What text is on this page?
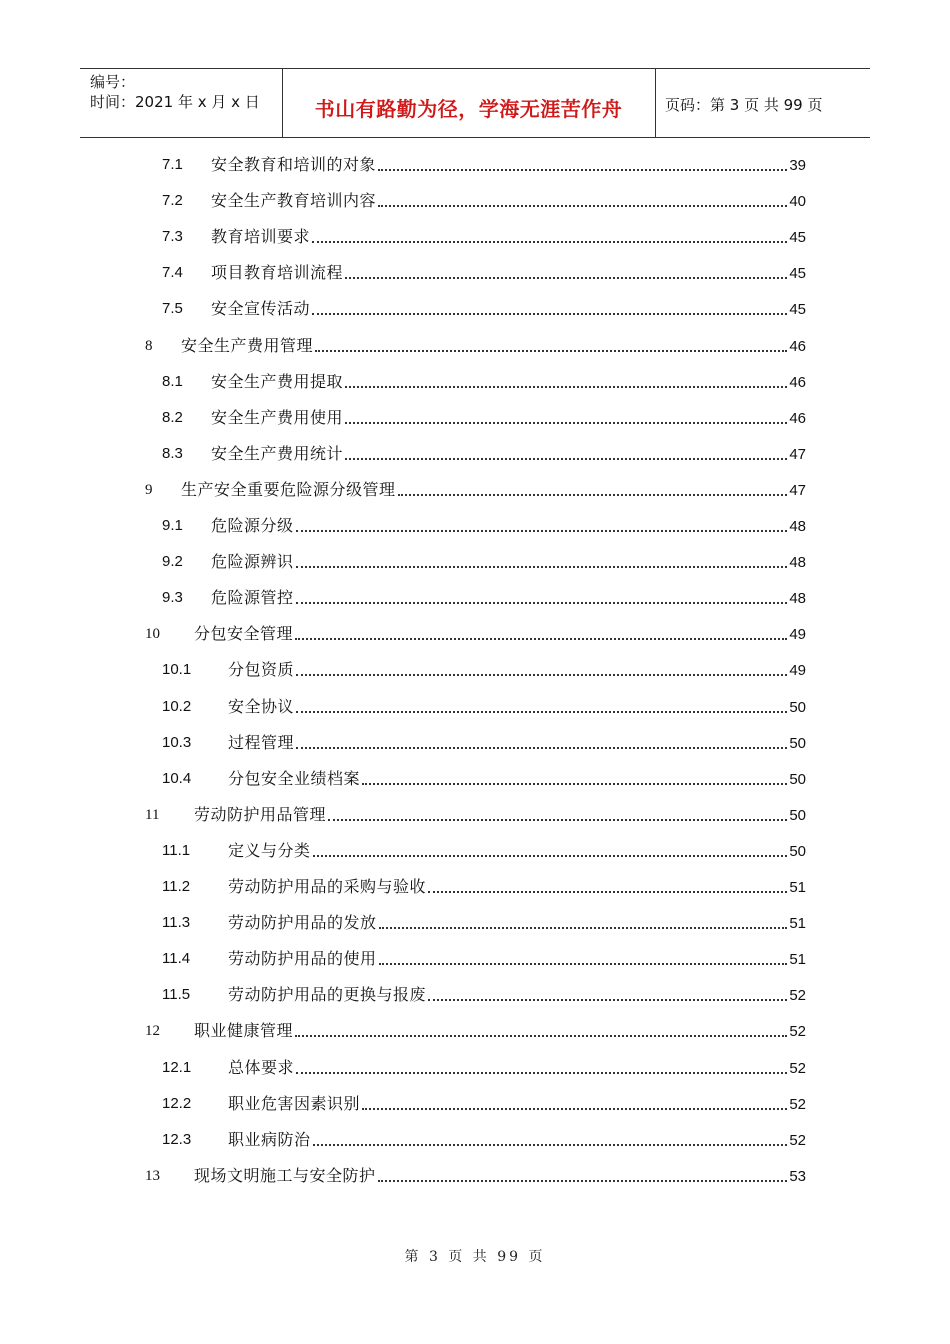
编号：
时间：2021 年 x 月 x 日	书山有路勤为径，学海无涯苦作舟	页码：第 3 页 共 99 页
7.1 安全教育和培训的对象	39
7.2 安全生产教育培训内容	40
7.3 教育培训要求	45
7.4 项目教育培训流程	45
7.5 安全宣传活动	45
8 安全生产费用管理	46
8.1 安全生产费用提取	46
8.2 安全生产费用使用	46
8.3 安全生产费用统计	47
9 生产安全重要危险源分级管理	47
9.1 危险源分级	48
9.2 危险源辨识	48
9.3 危险源管控	48
10 分包安全管理	49
10.1 分包资质	49
10.2 安全协议	50
10.3 过程管理	50
10.4 分包安全业绩档案	50
11 劳动防护用品管理	50
11.1 定义与分类	50
11.2 劳动防护用品的采购与验收	51
11.3 劳动防护用品的发放	51
11.4 劳动防护用品的使用	51
11.5 劳动防护用品的更换与报废	52
12 职业健康管理	52
12.1 总体要求	52
12.2 职业危害因素识别	52
12.3 职业病防治	52
13 现场文明施工与安全防护	53
第 3 页 共 99 页
